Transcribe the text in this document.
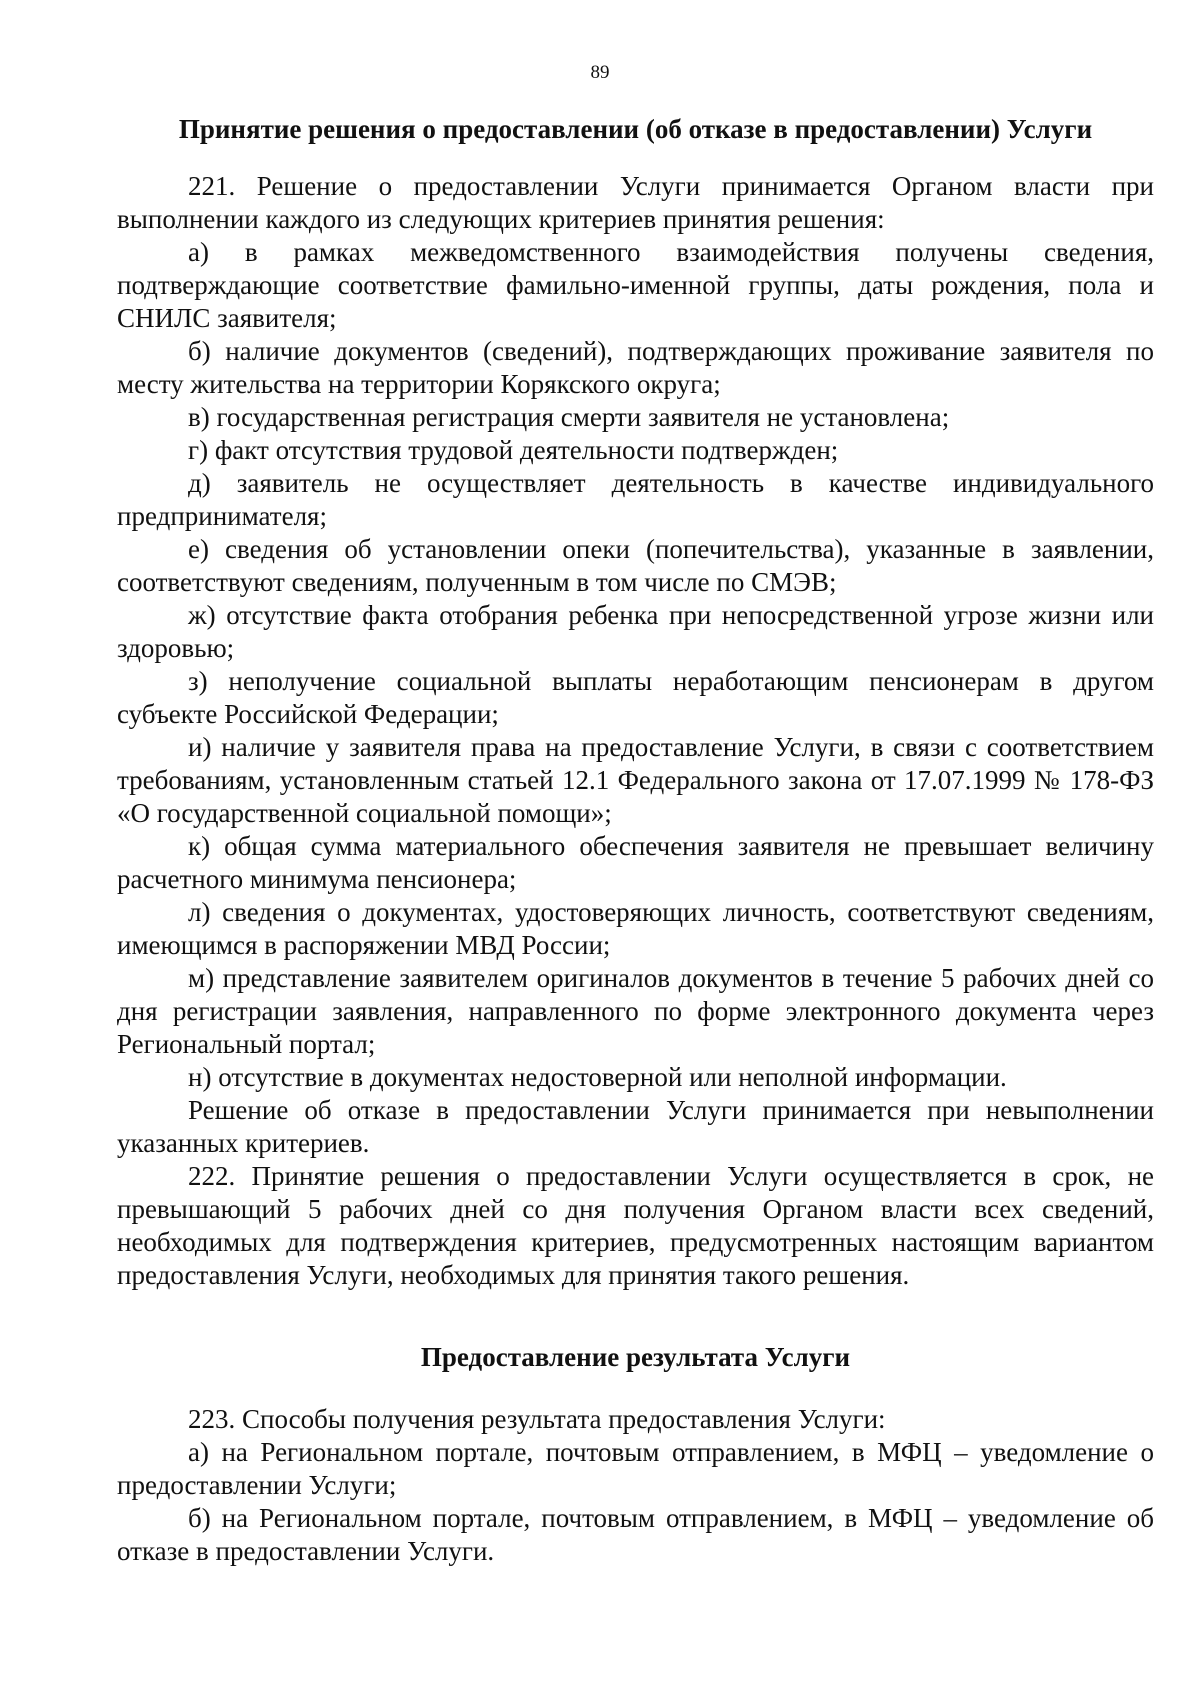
89
Принятие решения о предоставлении (об отказе в предоставлении) Услуги

221. Решение о предоставлении Услуги принимается Органом власти при выполнении каждого из следующих критериев принятия решения:

а) в рамках межведомственного взаимодействия получены сведения, подтверждающие соответствие фамильно-именной группы, даты рождения, пола и СНИЛС заявителя;

б) наличие документов (сведений), подтверждающих проживание заявителя по месту жительства на территории Корякского округа;

в) государственная регистрация смерти заявителя не установлена;

г) факт отсутствия трудовой деятельности подтвержден;

д) заявитель не осуществляет деятельность в качестве индивидуального предпринимателя;

е) сведения об установлении опеки (попечительства), указанные в заявлении, соответствуют сведениям, полученным в том числе по СМЭВ;

ж) отсутствие факта отобрания ребенка при непосредственной угрозе жизни или здоровью;

з) неполучение социальной выплаты неработающим пенсионерам в другом субъекте Российской Федерации;

и) наличие у заявителя права на предоставление Услуги, в связи с соответствием требованиям, установленным статьей 12.1 Федерального закона от 17.07.1999 № 178-ФЗ «О государственной социальной помощи»;

к) общая сумма материального обеспечения заявителя не превышает величину расчетного минимума пенсионера;

л) сведения о документах, удостоверяющих личность, соответствуют сведениям, имеющимся в распоряжении МВД России;

м) представление заявителем оригиналов документов в течение 5 рабочих дней со дня регистрации заявления, направленного по форме электронного документа через Региональный портал;

н) отсутствие в документах недостоверной или неполной информации.

Решение об отказе в предоставлении Услуги принимается при невыполнении указанных критериев.

222. Принятие решения о предоставлении Услуги осуществляется в срок, не превышающий 5 рабочих дней со дня получения Органом власти всех сведений, необходимых для подтверждения критериев, предусмотренных настоящим вариантом предоставления Услуги, необходимых для принятия такого решения.

Предоставление результата Услуги

223. Способы получения результата предоставления Услуги:

а) на Региональном портале, почтовым отправлением, в МФЦ – уведомление о предоставлении Услуги;

б) на Региональном портале, почтовым отправлением, в МФЦ – уведомление об отказе в предоставлении Услуги.
